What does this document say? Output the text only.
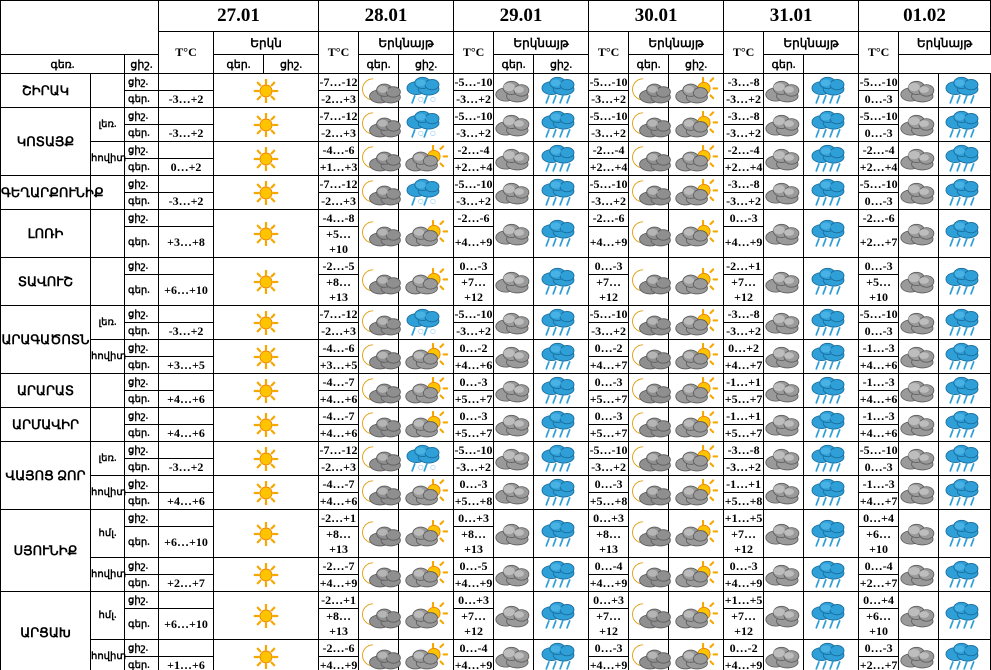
			27.01			28.01			29.01			30.01			31.01			01.02		
			T°C	Երկն		T°C	Երկնայթ		T°C	Երկնայթ		T°C	Երկնայթ		T°C	Երկնայթ		T°C	Երկնայթ	
գեռ.		ցիշ.		գեր.	ցիշ.		գեր.	ցիշ.		գեր.	ցիշ.		գեր.	ցիշ.		գեր.				
ՇԻՐԱԿ		ցիշ.				-7…-12			-5…-10			-5…-10			-3…-8			-5…-10	

		գեր.	-3…+2			-2…+3			-3…+2			-3…+2			-3…+2			0…-3		
ԿՈՏԱՅՔ	լեռ.	ցիշ.				-7…-12			-5…-10			-5…-10			-3…-8			-5…-10	

		գեր.	-3…+2			-2…+3			-3…+2			-3…+2			-3…+2			0…-3		
	հովիտ	ցիշ.				-4…-6			-2…-4			-2…-4			-2…-4			-2…-4	

		գեր.	0…+2			+1…+3			+2…+4			+2…+4			+2…+4			+2…+4		
ԳԵՂԱՐՔՈՒՆԻՔ		ցիշ.				-7…-12			-5…-10			-5…-10			-3…-8			-5…-10	

		գեր.	-3…+2			-2…+3			-3…+2			-3…+2			-3…+2			0…-3		
ԼՈՌԻ		ցիշ.				-4…-8			-2…-6			-2…-6			0…-3			-2…-6	

		գեր.	+3…+8			+5…+10			+4…+9			+4…+9			+4…+9			+2…+7		
ՏԱՎՈՒՇ		ցիշ.				-2…-5			0…-3			0…-3			-2…+1			0…-3	

		գեր.	+6…+10			+8…+13			+7…+12			+7…+12			+7…+12			+5…+10		
ԱՐԱԳԱԾՈՏՆ	լեռ.	ցիշ.				-7…-12			-5…-10			-5…-10			-3…-8			-5…-10	

		գեր.	-3…+2			-2…+3			-3…+2			-3…+2			-3…+2			0…-3		
	հովիտ	ցիշ.				-4…-6			0…-2			0…-2			0…+2			-1…-3	

		գեր.	+3…+5			+3…+5			+4…+6			+4…+7			+4…+7			+4…+6		
ԱՐԱՐԱՏ		ցիշ.				-4…-7			0…-3			0…-3			-1…+1			-1…-3	

		գեր.	+4…+6			+4…+6			+5…+7			+5…+7			+5…+7			+4…+6		
ԱՐՄԱՎԻՐ		ցիշ.				-4…-7			0…-3			0…-3			-1…+1			-1…-3	

		գեր.	+4…+6			+4…+6			+5…+7			+5…+7			+5…+7			+4…+6		
ՎԱՅՈՑ ՁՈՐ	լեռ.	ցիշ.				-7…-12			-5…-10			-5…-10			-3…-8			-5…-10	

		գեր.	-3…+2			-2…+3			-3…+2			-3…+2			-3…+2			0…-3		
	հովիտ	ցիշ.				-4…-7			0…-3			0…-3			-1…+1			-1…-3	

		գեր.	+4…+6			+4…+6			+5…+8			+5…+8			+5…+8			+4…+7		
ՍՅՈՒՆԻՔ	հմլ.	ցիշ.				-2…+1			0…+3			0…+3			+1…+5			0…+4	

		գեր.	+6…+10			+8…+13			+8…+13			+8…+13			+7…+12			+6…+10		
	հովիտ	ցիշ.				-2…-7			0…-5			0…-4			0…-3			0…-4	

		գեր.	+2…+7			+4…+9			+4…+9			+4…+9			+4…+9			+2…+7		
ԱՐՑԱԽ	հմլ.	ցիշ.				-2…+1			0…+3			0…+3			+1…+5			0…+4	

		գեր.	+6…+10			+8…+13			+7…+12			+7…+12			+7…+12			+6…+10		
	հովիտ	ցիշ.				-2…-6			0…-4			0…-3			0…-2			0…-3	

		գեր.	+1…+6			+4…+9			+4…+9			+4…+9			+4…+9			+2…+7		
